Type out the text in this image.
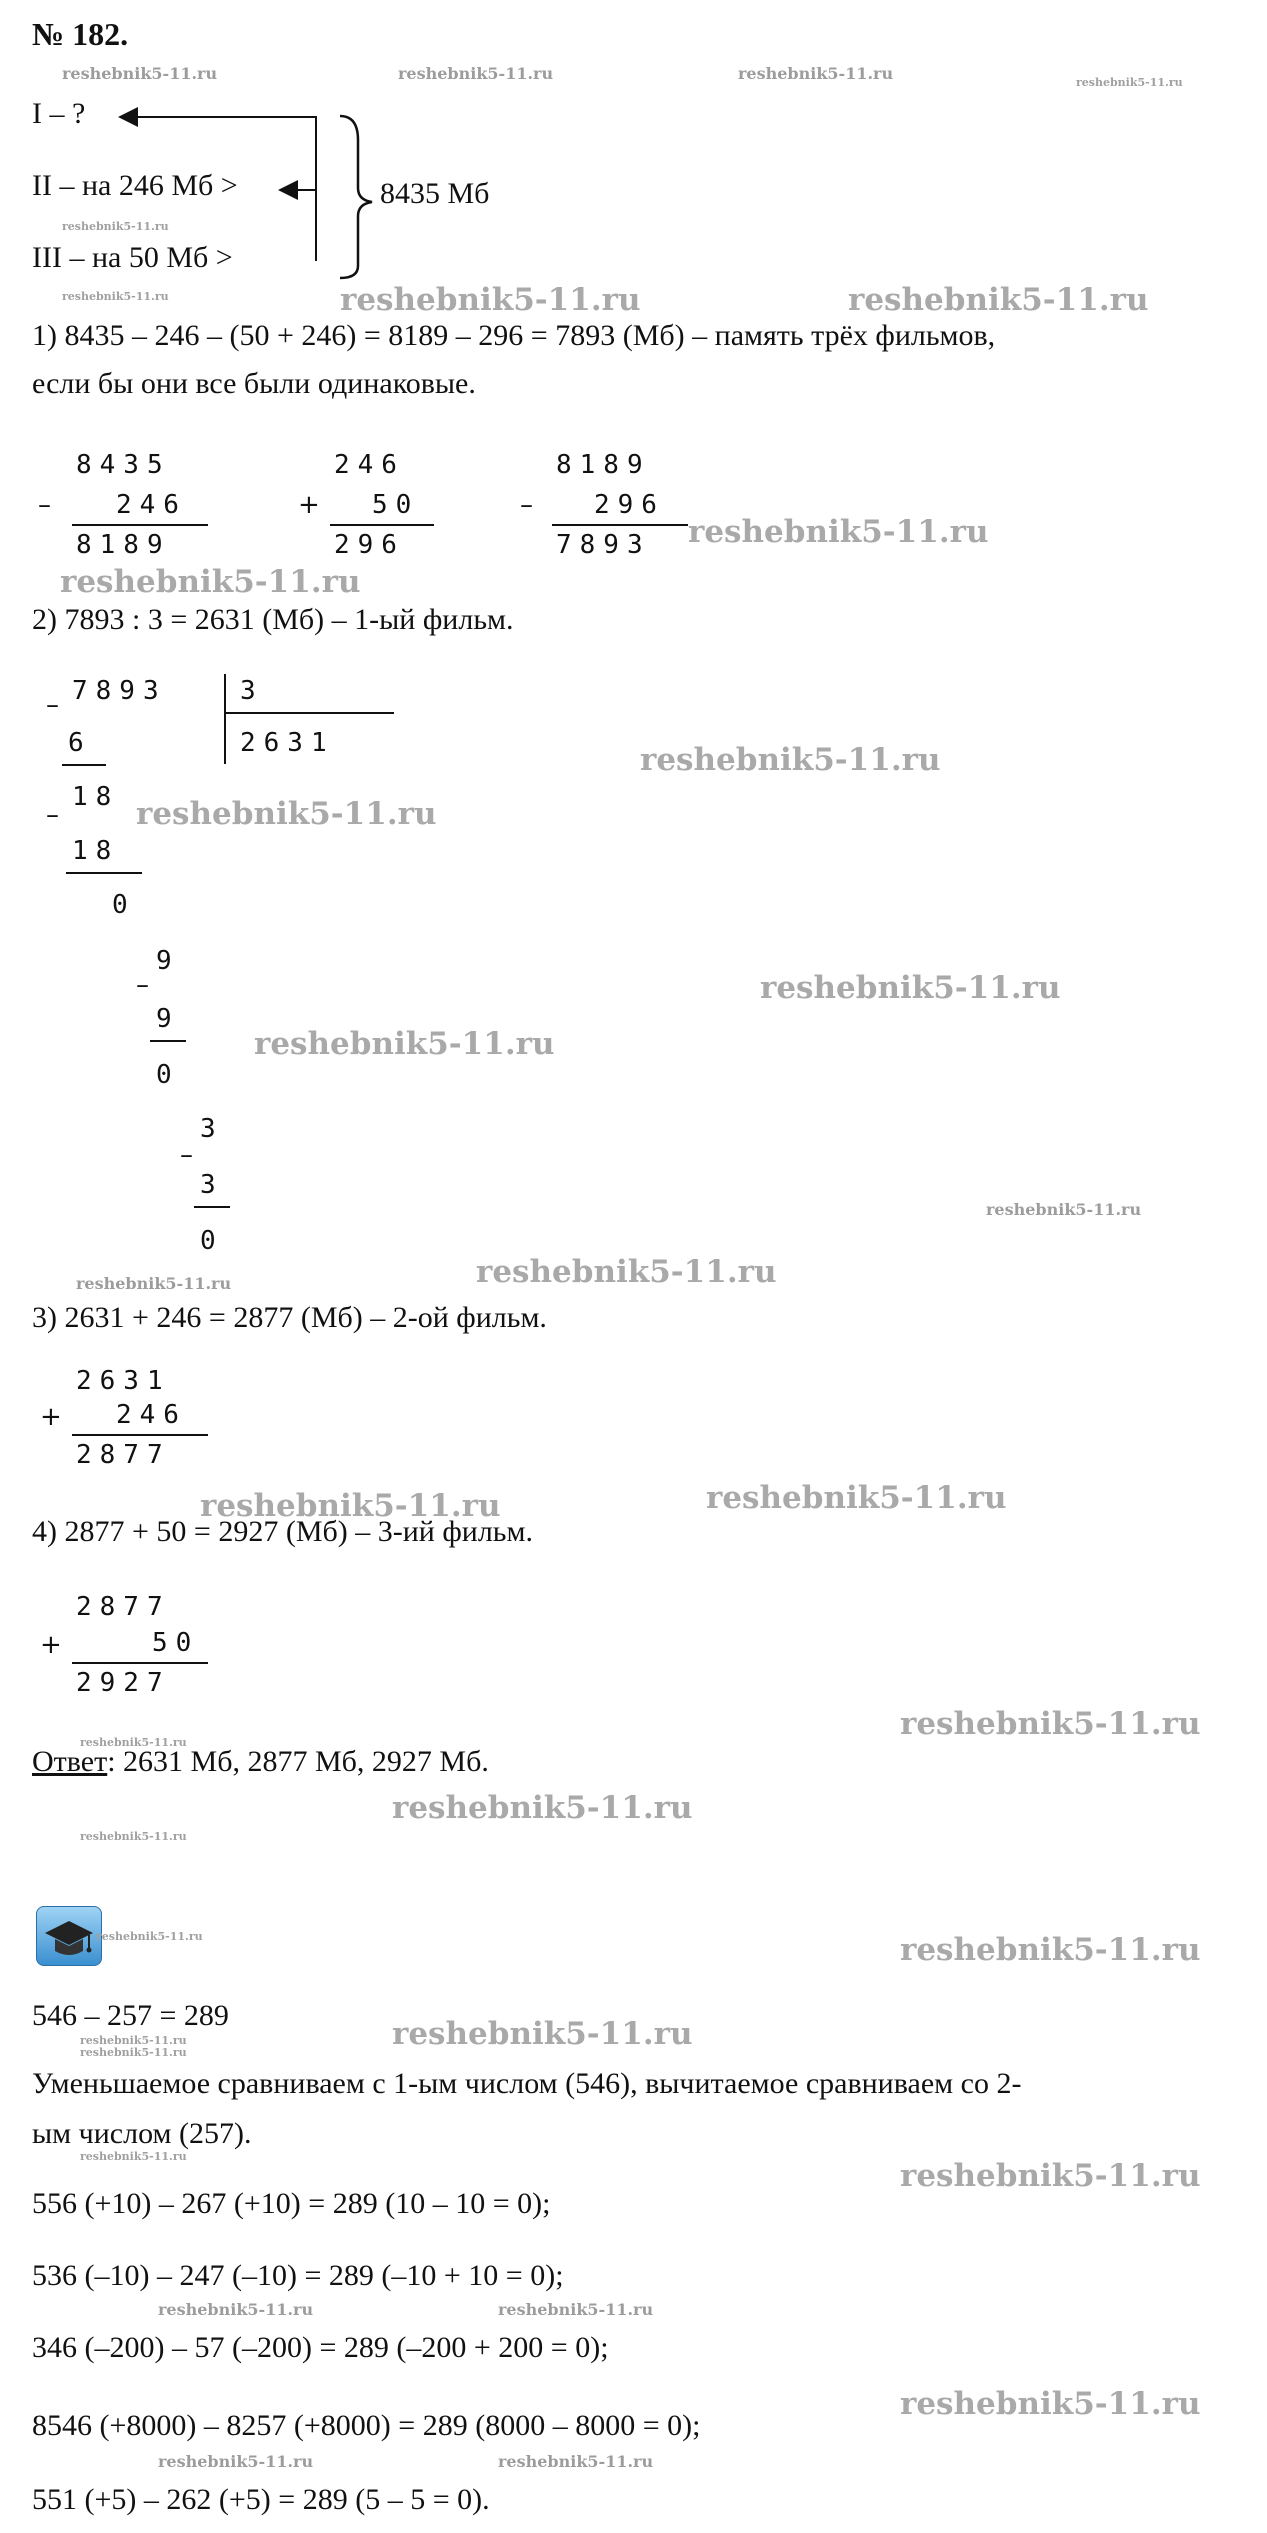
№ 182.
I – ?
II – на 246 Мб >
III – на 50 Мб >
8435 Мб
1) 8435 – 246 – (50 + 246) = 8189 – 296 = 7893 (Мб) – память трёх фильмов,
если бы они все были одинаковые.
–
8435
246
8189
+
246
50
296
–
8189
296
7893
2) 7893 : 3 = 2631 (Мб) – 1-ый фильм.
– 7893	3
2631
6
–
18
18
0
–
9
9
0
–
3
3
0
3) 2631 + 246 = 2877 (Мб) – 2-ой фильм.
+
2631
246
2877
4) 2877 + 50 = 2927 (Мб) – 3-ий фильм.
+
2877
50
2927
Ответ: 2631 Мб, 2877 Мб, 2927 Мб.
546 – 257 = 289
Уменьшаемое сравниваем с 1-ым числом (546), вычитаемое сравниваем со 2-
ым числом (257).
556 (+10) – 267 (+10) = 289 (10 – 10 = 0);
536 (–10) – 247 (–10) = 289 (–10 + 10 = 0);
346 (–200) – 57 (–200) = 289 (–200 + 200 = 0);
8546 (+8000) – 8257 (+8000) = 289 (8000 – 8000 = 0);
551 (+5) – 262 (+5) = 289 (5 – 5 = 0).
reshebnik5-11.ru	reshebnik5-11.ru	reshebnik5-11.ru	reshebnik5-11.ru
reshebnik5-11.ru
reshebnik5-11.ru	reshebnik5-11.ru	reshebnik5-11.ru
reshebnik5-11.ru
reshebnik5-11.ru
reshebnik5-11.ru
reshebnik5-11.ru
reshebnik5-11.ru
reshebnik5-11.ru
reshebnik5-11.ru
reshebnik5-11.ru	reshebnik5-11.ru
reshebnik5-11.ru	reshebnik5-11.ru
reshebnik5-11.ru
reshebnik5-11.ru
reshebnik5-11.ru
reshebnik5-11.ru
reshebnik5-11.ru	reshebnik5-11.ru
reshebnik5-11.ru
reshebnik5-11.ru
reshebnik5-11.ru
reshebnik5-11.ru
reshebnik5-11.ru
reshebnik5-11.ru	reshebnik5-11.ru
reshebnik5-11.ru
reshebnik5-11.ru	reshebnik5-11.ru
